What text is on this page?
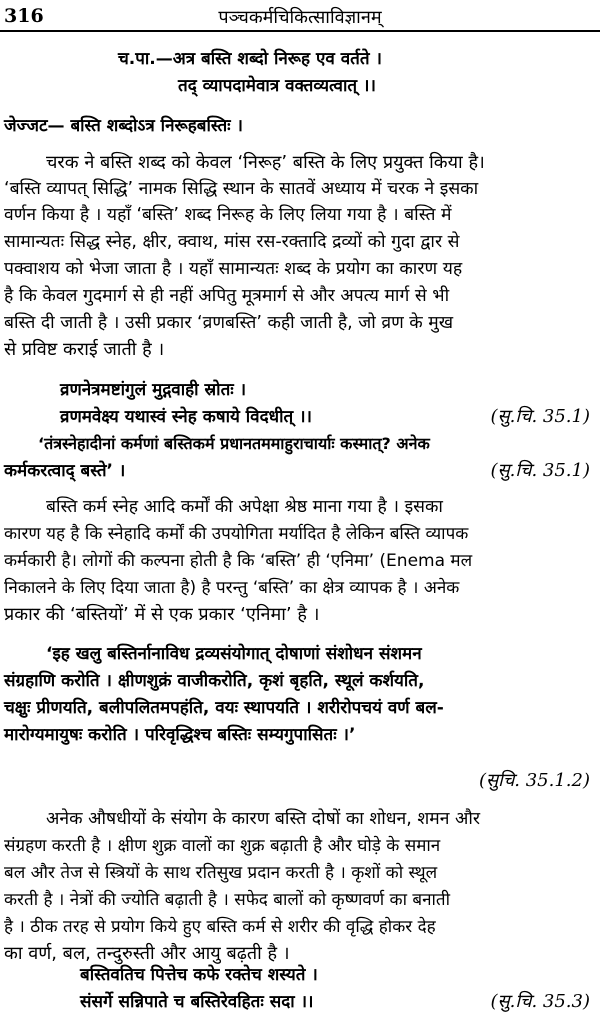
316	पञ्चकर्मचिकित्साविज्ञानम्
च.पा.—अत्र बस्ति शब्दो निरूह एव वर्तते ।
तद् व्यापदामेवात्र वक्तव्यत्वात् ।।
जेज्जट— बस्ति शब्दोऽत्र निरूहबस्तिः ।
चरक ने बस्ति शब्द को केवल ‘निरूह’ बस्ति के लिए प्रयुक्त किया है।
‘बस्ति व्यापत् सिद्धि’ नामक सिद्धि स्थान के सातवें अध्याय में चरक ने इसका
वर्णन किया है । यहाँ ‘बस्ति’ शब्द निरूह के लिए लिया गया है । बस्ति में
सामान्यतः सिद्ध स्नेह, क्षीर, क्वाथ, मांस रस-रक्तादि द्रव्यों को गुदा द्वार से
पक्वाशय को भेजा जाता है । यहाँ सामान्यतः शब्द के प्रयोग का कारण यह
है कि केवल गुदमार्ग से ही नहीं अपितु मूत्रमार्ग से और अपत्य मार्ग से भी
बस्ति दी जाती है । उसी प्रकार ‘व्रणबस्ति’ कही जाती है, जो व्रण के मुख
से प्रविष्ट कराई जाती है ।
व्रणनेत्रमष्टांगुलं मुद्गवाही स्रोतः ।
व्रणमवेक्ष्य यथास्वं स्नेह कषाये विदधीत् ।।	(सु.चि. 35.1)
‘तंत्रस्नेहादीनां कर्मणां बस्तिकर्म प्रधानतममाहुराचार्याः कस्मात्? अनेक
कर्मकरत्वाद् बस्ते’ ।	(सु.चि. 35.1)
बस्ति कर्म स्नेह आदि कर्मों की अपेक्षा श्रेष्ठ माना गया है । इसका
कारण यह है कि स्नेहादि कर्मों की उपयोगिता मर्यादित है लेकिन बस्ति व्यापक
कर्मकारी है। लोगों की कल्पना होती है कि ‘बस्ति’ ही ‘एनिमा’ (Enema मल
निकालने के लिए दिया जाता है) है परन्तु ‘बस्ति’ का क्षेत्र व्यापक है । अनेक
प्रकार की ‘बस्तियों’ में से एक प्रकार ‘एनिमा’ है ।
‘इह खलु बस्तिर्नानाविध द्रव्यसंयोगात् दोषाणां संशोधन संशमन
संग्रहाणि करोति । क्षीणशुक्रं वाजीकरोति, कृशं बृहति, स्थूलं कर्शयति,
चक्षुः प्रीणयति, बलीपलितमपहंति, वयः स्थापयति । शरीरोपचयं वर्ण बल-
मारोग्यमायुषः करोति । परिवृद्धिश्च बस्तिः सम्यगुपासितः ।’
(सुचि. 35.1.2)
अनेक औषधीयों के संयोग के कारण बस्ति दोषों का शोधन, शमन और
संग्रहण करती है । क्षीण शुक्र वालों का शुक्र बढ़ाती है और घोड़े के समान
बल और तेज से स्त्रियों के साथ रतिसुख प्रदान करती है । कृशों को स्थूल
करती है । नेत्रों की ज्योति बढ़ाती है । सफेद बालों को कृष्णवर्ण का बनाती
है । ठीक तरह से प्रयोग किये हुए बस्ति कर्म से शरीर की वृद्धि होकर देह
का वर्ण, बल, तन्दुरुस्ती और आयु बढ़ती है ।
बस्तिवतिच पित्तेच कफे रक्तेच शस्यते ।
संसर्गे सन्निपाते च बस्तिरेवहितः सदा ।।	(सु.चि. 35.3)
